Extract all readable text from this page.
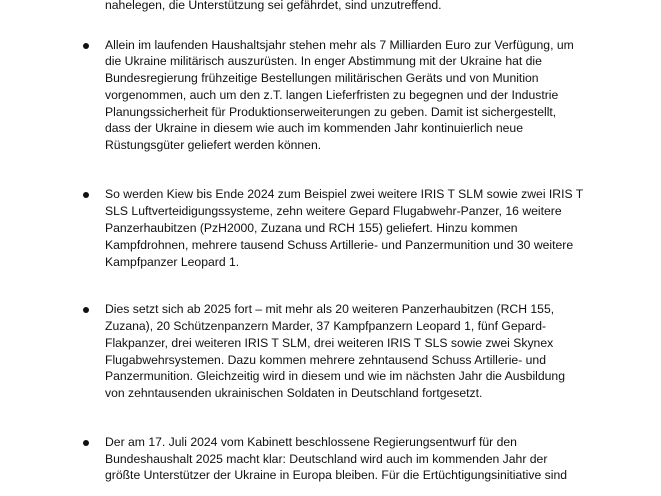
nahelegen, die Unterstützung sei gefährdet, sind unzutreffend.
Allein im laufenden Haushaltsjahr stehen mehr als 7 Milliarden Euro zur Verfügung, um
die Ukraine militärisch auszurüsten. In enger Abstimmung mit der Ukraine hat die
Bundesregierung frühzeitige Bestellungen militärischen Geräts und von Munition
vorgenommen, auch um den z.T. langen Lieferfristen zu begegnen und der Industrie
Planungssicherheit für Produktionserweiterungen zu geben. Damit ist sichergestellt,
dass der Ukraine in diesem wie auch im kommenden Jahr kontinuierlich neue
Rüstungsgüter geliefert werden können.
So werden Kiew bis Ende 2024 zum Beispiel zwei weitere IRIS T SLM sowie zwei IRIS T
SLS Luftverteidigungssysteme, zehn weitere Gepard Flugabwehr-Panzer, 16 weitere
Panzerhaubitzen (PzH2000, Zuzana und RCH 155) geliefert. Hinzu kommen
Kampfdrohnen, mehrere tausend Schuss Artillerie- und Panzermunition und 30 weitere
Kampfpanzer Leopard 1.
Dies setzt sich ab 2025 fort – mit mehr als 20 weiteren Panzerhaubitzen (RCH 155,
Zuzana), 20 Schützenpanzern Marder, 37 Kampfpanzern Leopard 1, fünf Gepard-
Flakpanzer, drei weiteren IRIS T SLM, drei weiteren IRIS T SLS sowie zwei Skynex
Flugabwehrsystemen. Dazu kommen mehrere zehntausend Schuss Artillerie- und
Panzermunition. Gleichzeitig wird in diesem und wie im nächsten Jahr die Ausbildung
von zehntausenden ukrainischen Soldaten in Deutschland fortgesetzt.
Der am 17. Juli 2024 vom Kabinett beschlossene Regierungsentwurf für den
Bundeshaushalt 2025 macht klar: Deutschland wird auch im kommenden Jahr der
größte Unterstützer der Ukraine in Europa bleiben. Für die Ertüchtigungsinitiative sind
